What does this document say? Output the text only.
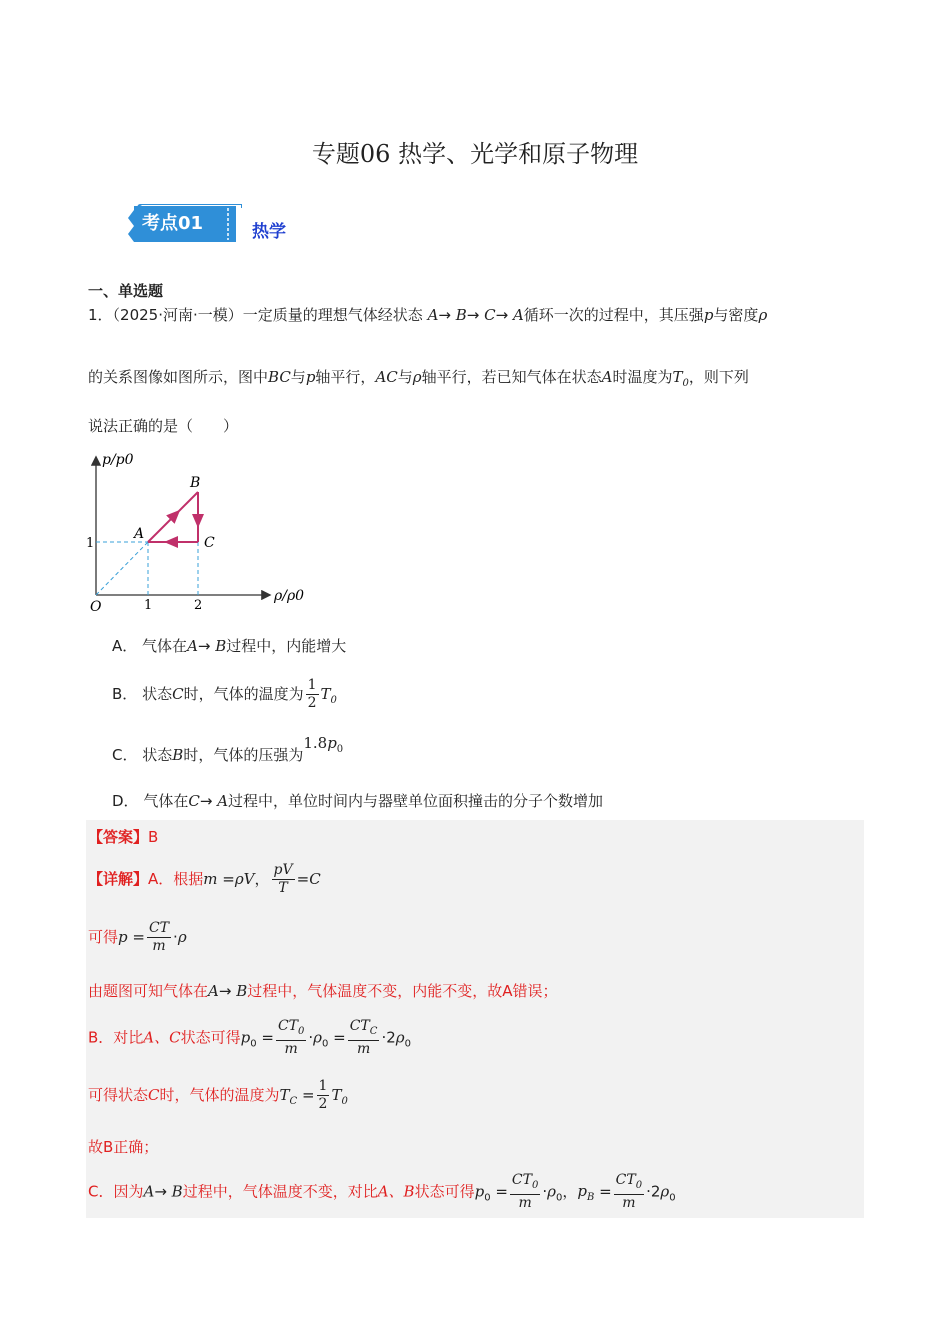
专题06 热学、光学和原子物理
考点01	热学
一、单选题
1．（2025·河南·一模）一定质量的理想气体经状态 A→ B→ C→ A循环一次的过程中，其压强p与密度ρ
的关系图像如图所示，图中BC与p轴平行，AC与ρ轴平行，若已知气体在状态A时温度为$T_0$，则下列
说法正确的是（　　）
p/p0
ρ/ρ0
O	1	2
1
A
B
C
A． 气体在A→ B过程中，内能增大
B． 状态C时，气体的温度为 $\frac{1}{2} T_0$
C． 状态B时，气体的压强为$1.8p_0$
D． 气体在C→ A过程中，单位时间内与器壁单位面积撞击的分子个数增加
【答案】B
【详解】A．根据m =ρV， $\frac{pV}{T} =C$
可得$p = \frac{CT}{m} \cdot\rho$
由题图可知气体在A→ B过程中，气体温度不变，内能不变，故A错误；
B．对比A、C状态可得$p_0 = \frac{CT_0}{m} \cdot\rho_0 = \frac{CT_C}{m} \cdot 2\rho_0$
可得状态C时，气体的温度为$T_C = \frac{1}{2} T_0$
故B正确；
C．因为A→ B过程中，气体温度不变，对比A、B状态可得$p_0 = \frac{CT_0}{m} \cdot\rho_0$，$p_B = \frac{CT_0}{m} \cdot 2\rho_0$
